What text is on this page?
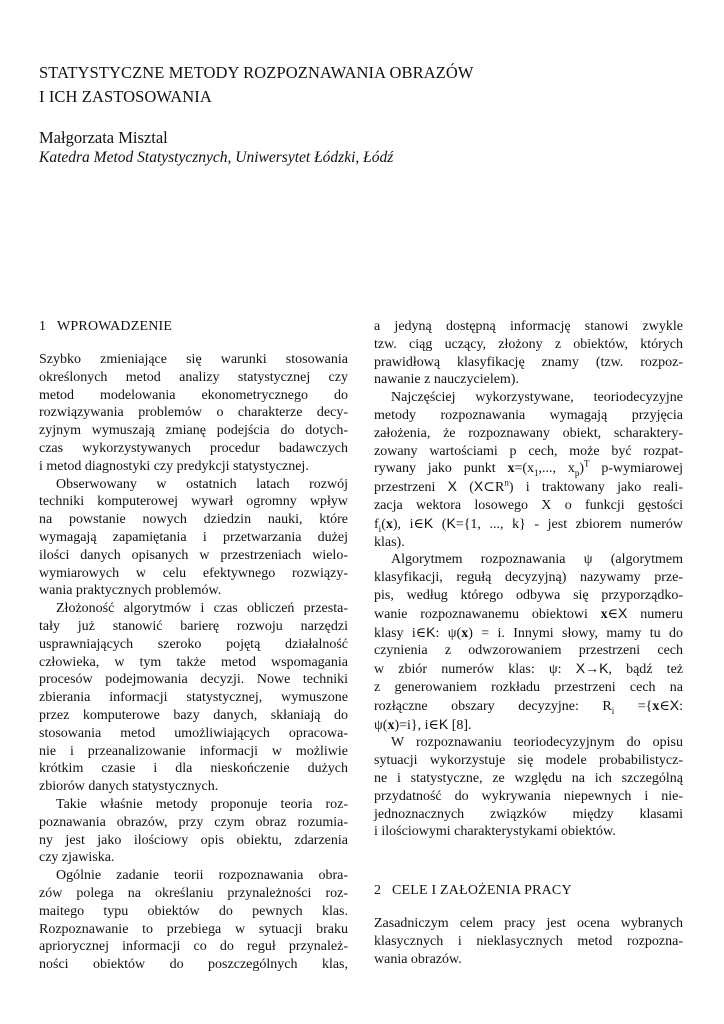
STATYSTYCZNE METODY ROZPOZNAWANIA OBRAZÓW
I ICH ZASTOSOWANIA
Małgorzata Misztal
Katedra Metod Statystycznych, Uniwersytet Łódzki, Łódź
1 WPROWADZENIE
Szybko zmieniające się warunki stosowania
określonych metod analizy statystycznej czy
metod modelowania ekonometrycznego do
rozwiązywania problemów o charakterze decy-
zyjnym wymuszają zmianę podejścia do dotych-
czas wykorzystywanych procedur badawczych
i metod diagnostyki czy predykcji statystycznej.
Obserwowany w ostatnich latach rozwój
techniki komputerowej wywarł ogromny wpływ
na powstanie nowych dziedzin nauki, które
wymagają zapamiętania i przetwarzania dużej
ilości danych opisanych w przestrzeniach wielo-
wymiarowych w celu efektywnego rozwiązy-
wania praktycznych problemów.
Złożoność algorytmów i czas obliczeń przesta-
tały już stanowić barierę rozwoju narzędzi
usprawniających szeroko pojętą działalność
człowieka, w tym także metod wspomagania
procesów podejmowania decyzji. Nowe techniki
zbierania informacji statystycznej, wymuszone
przez komputerowe bazy danych, skłaniają do
stosowania metod umożliwiających opracowa-
nie i przeanalizowanie informacji w możliwie
krótkim czasie i dla nieskończenie dużych
zbiorów danych statystycznych.
Takie właśnie metody proponuje teoria roz-
poznawania obrazów, przy czym obraz rozumia-
ny jest jako ilościowy opis obiektu, zdarzenia
czy zjawiska.
Ogólnie zadanie teorii rozpoznawania obra-
zów polega na określaniu przynależności roz-
maitego typu obiektów do pewnych klas.
Rozpoznawanie to przebiega w sytuacji braku
apriorycznej informacji co do reguł przynależ-
ności obiektów do poszczególnych klas,
a jedyną dostępną informację stanowi zwykle
tzw. ciąg uczący, złożony z obiektów, których
prawidłową klasyfikację znamy (tzw. rozpoz-
nawanie z nauczycielem).
Najczęściej wykorzystywane, teoriodecyzyjne
metody rozpoznawania wymagają przyjęcia
założenia, że rozpoznawany obiekt, scharaktery-
zowany wartościami p cech, może być rozpat-
rywany jako punkt $x=(x_1$,..., $x_p)^T$ p-wymiarowej
przestrzeni X $(X\subset R^n)$ i traktowany jako reali-
zacja wektora losowego X o funkcji gęstości
$f_i(x)$, i∈K (K={1, ..., k} - jest zbiorem numerów
klas).
Algorytmem rozpoznawania ψ (algorytmem
klasyfikacji, regułą decyzyjną) nazywamy prze-
pis, według którego odbywa się przyporządko-
wanie rozpoznawanemu obiektowi x∈X numeru
klasy i∈K: ψ(x) = i. Innymi słowy, mamy tu do
czynienia z odwzorowaniem przestrzeni cech
w zbiór numerów klas: ψ: X→K, bądź też
z generowaniem rozkładu przestrzeni cech na
rozłączne obszary decyzyjne: $R_i$ ={x∈X:
ψ(x)=i}, i∈K [8].
W rozpoznawaniu teoriodecyzyjnym do opisu
sytuacji wykorzystuje się modele probabilistycz-
ne i statystyczne, ze względu na ich szczególną
przydatność do wykrywania niepewnych i nie-
jednoznacznych związków między klasami
i ilościowymi charakterystykami obiektów.
2 CELE I ZAŁOŻENIA PRACY
Zasadniczym celem pracy jest ocena wybranych
klasycznych i nieklasycznych metod rozpozna-
wania obrazów.
